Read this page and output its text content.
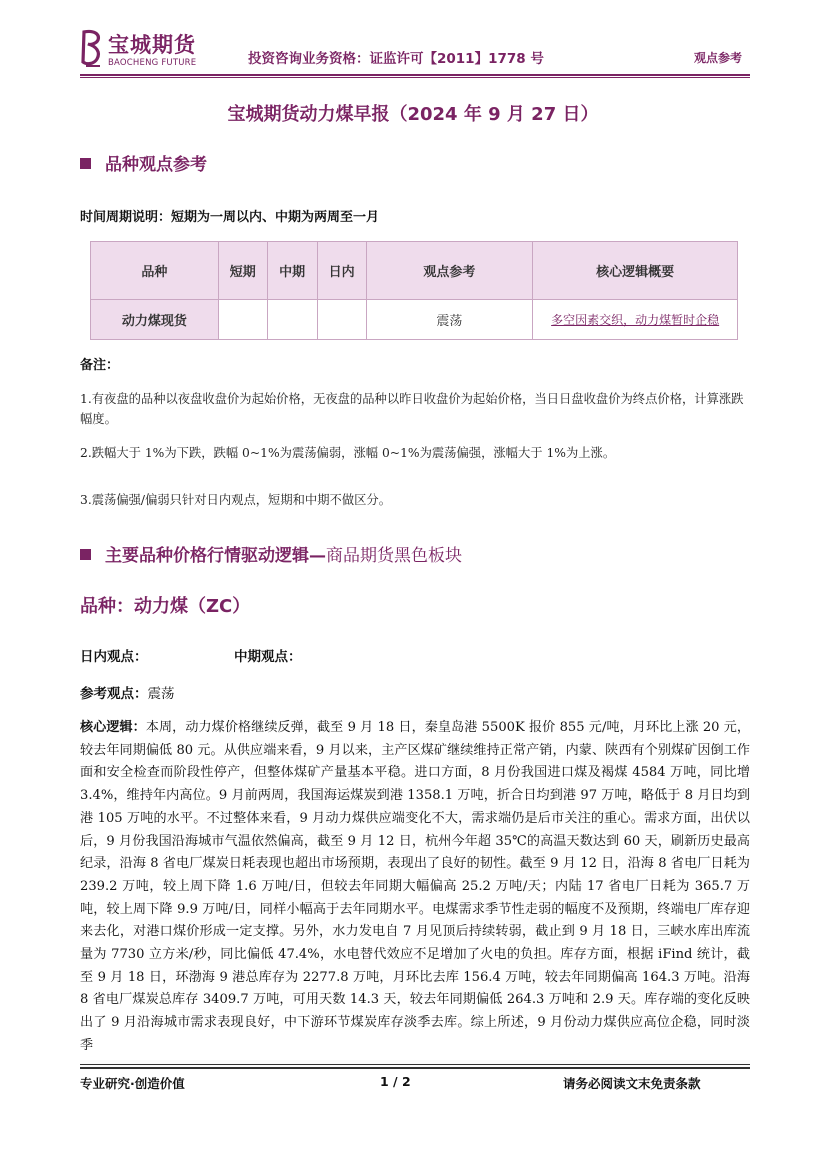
宝城期货
BAOCHENG FUTURE	投资咨询业务资格：证监许可【2011】1778 号	观点参考
宝城期货动力煤早报（2024 年 9 月 27 日）
品种观点参考
时间周期说明：短期为一周以内、中期为两周至一月
品种	短期	中期	日内	观点参考	核心逻辑概要
动力煤现货				震荡	多空因素交织，动力煤暂时企稳
备注：
1.有夜盘的品种以夜盘收盘价为起始价格，无夜盘的品种以昨日收盘价为起始价格，当日日盘收盘价为终点价格，计算涨跌幅度。
2.跌幅大于 1%为下跌，跌幅 0~1%为震荡偏弱，涨幅 0~1%为震荡偏强，涨幅大于 1%为上涨。
3.震荡偏强/偏弱只针对日内观点，短期和中期不做区分。
主要品种价格行情驱动逻辑—商品期货黑色板块
品种：动力煤（ZC）
日内观点：	中期观点：
参考观点：震荡
核心逻辑：本周，动力煤价格继续反弹，截至 9 月 18 日，秦皇岛港 5500K 报价 855 元/吨，月环比上涨 20 元，较去年同期偏低 80 元。从供应端来看，9 月以来，主产区煤矿继续维持正常产销，内蒙、陕西有个别煤矿因倒工作面和安全检查而阶段性停产，但整体煤矿产量基本平稳。进口方面，8 月份我国进口煤及褐煤 4584 万吨，同比增 3.4%，维持年内高位。9 月前两周，我国海运煤炭到港 1358.1 万吨，折合日均到港 97 万吨，略低于 8 月日均到港 105 万吨的水平。不过整体来看，9 月动力煤供应端变化不大，需求端仍是后市关注的重心。需求方面，出伏以后，9 月份我国沿海城市气温依然偏高，截至 9 月 12 日，杭州今年超 35℃的高温天数达到 60 天，刷新历史最高纪录，沿海 8 省电厂煤炭日耗表现也超出市场预期，表现出了良好的韧性。截至 9 月 12 日，沿海 8 省电厂日耗为 239.2 万吨，较上周下降 1.6 万吨/日，但较去年同期大幅偏高 25.2 万吨/天；内陆 17 省电厂日耗为 365.7 万吨，较上周下降 9.9 万吨/日，同样小幅高于去年同期水平。电煤需求季节性走弱的幅度不及预期，终端电厂库存迎来去化，对港口煤价形成一定支撑。另外，水力发电自 7 月见顶后持续转弱，截止到 9 月 18 日，三峡水库出库流量为 7730 立方米/秒，同比偏低 47.4%，水电替代效应不足增加了火电的负担。库存方面，根据 iFind 统计，截至 9 月 18 日，环渤海 9 港总库存为 2277.8 万吨，月环比去库 156.4 万吨，较去年同期偏高 164.3 万吨。沿海 8 省电厂煤炭总库存 3409.7 万吨，可用天数 14.3 天，较去年同期偏低 264.3 万吨和 2.9 天。库存端的变化反映出了 9 月沿海城市需求表现良好，中下游环节煤炭库存淡季去库。综上所述，9 月份动力煤供应高位企稳，同时淡季
专业研究·创造价值	1 / 2	请务必阅读文末免责条款
